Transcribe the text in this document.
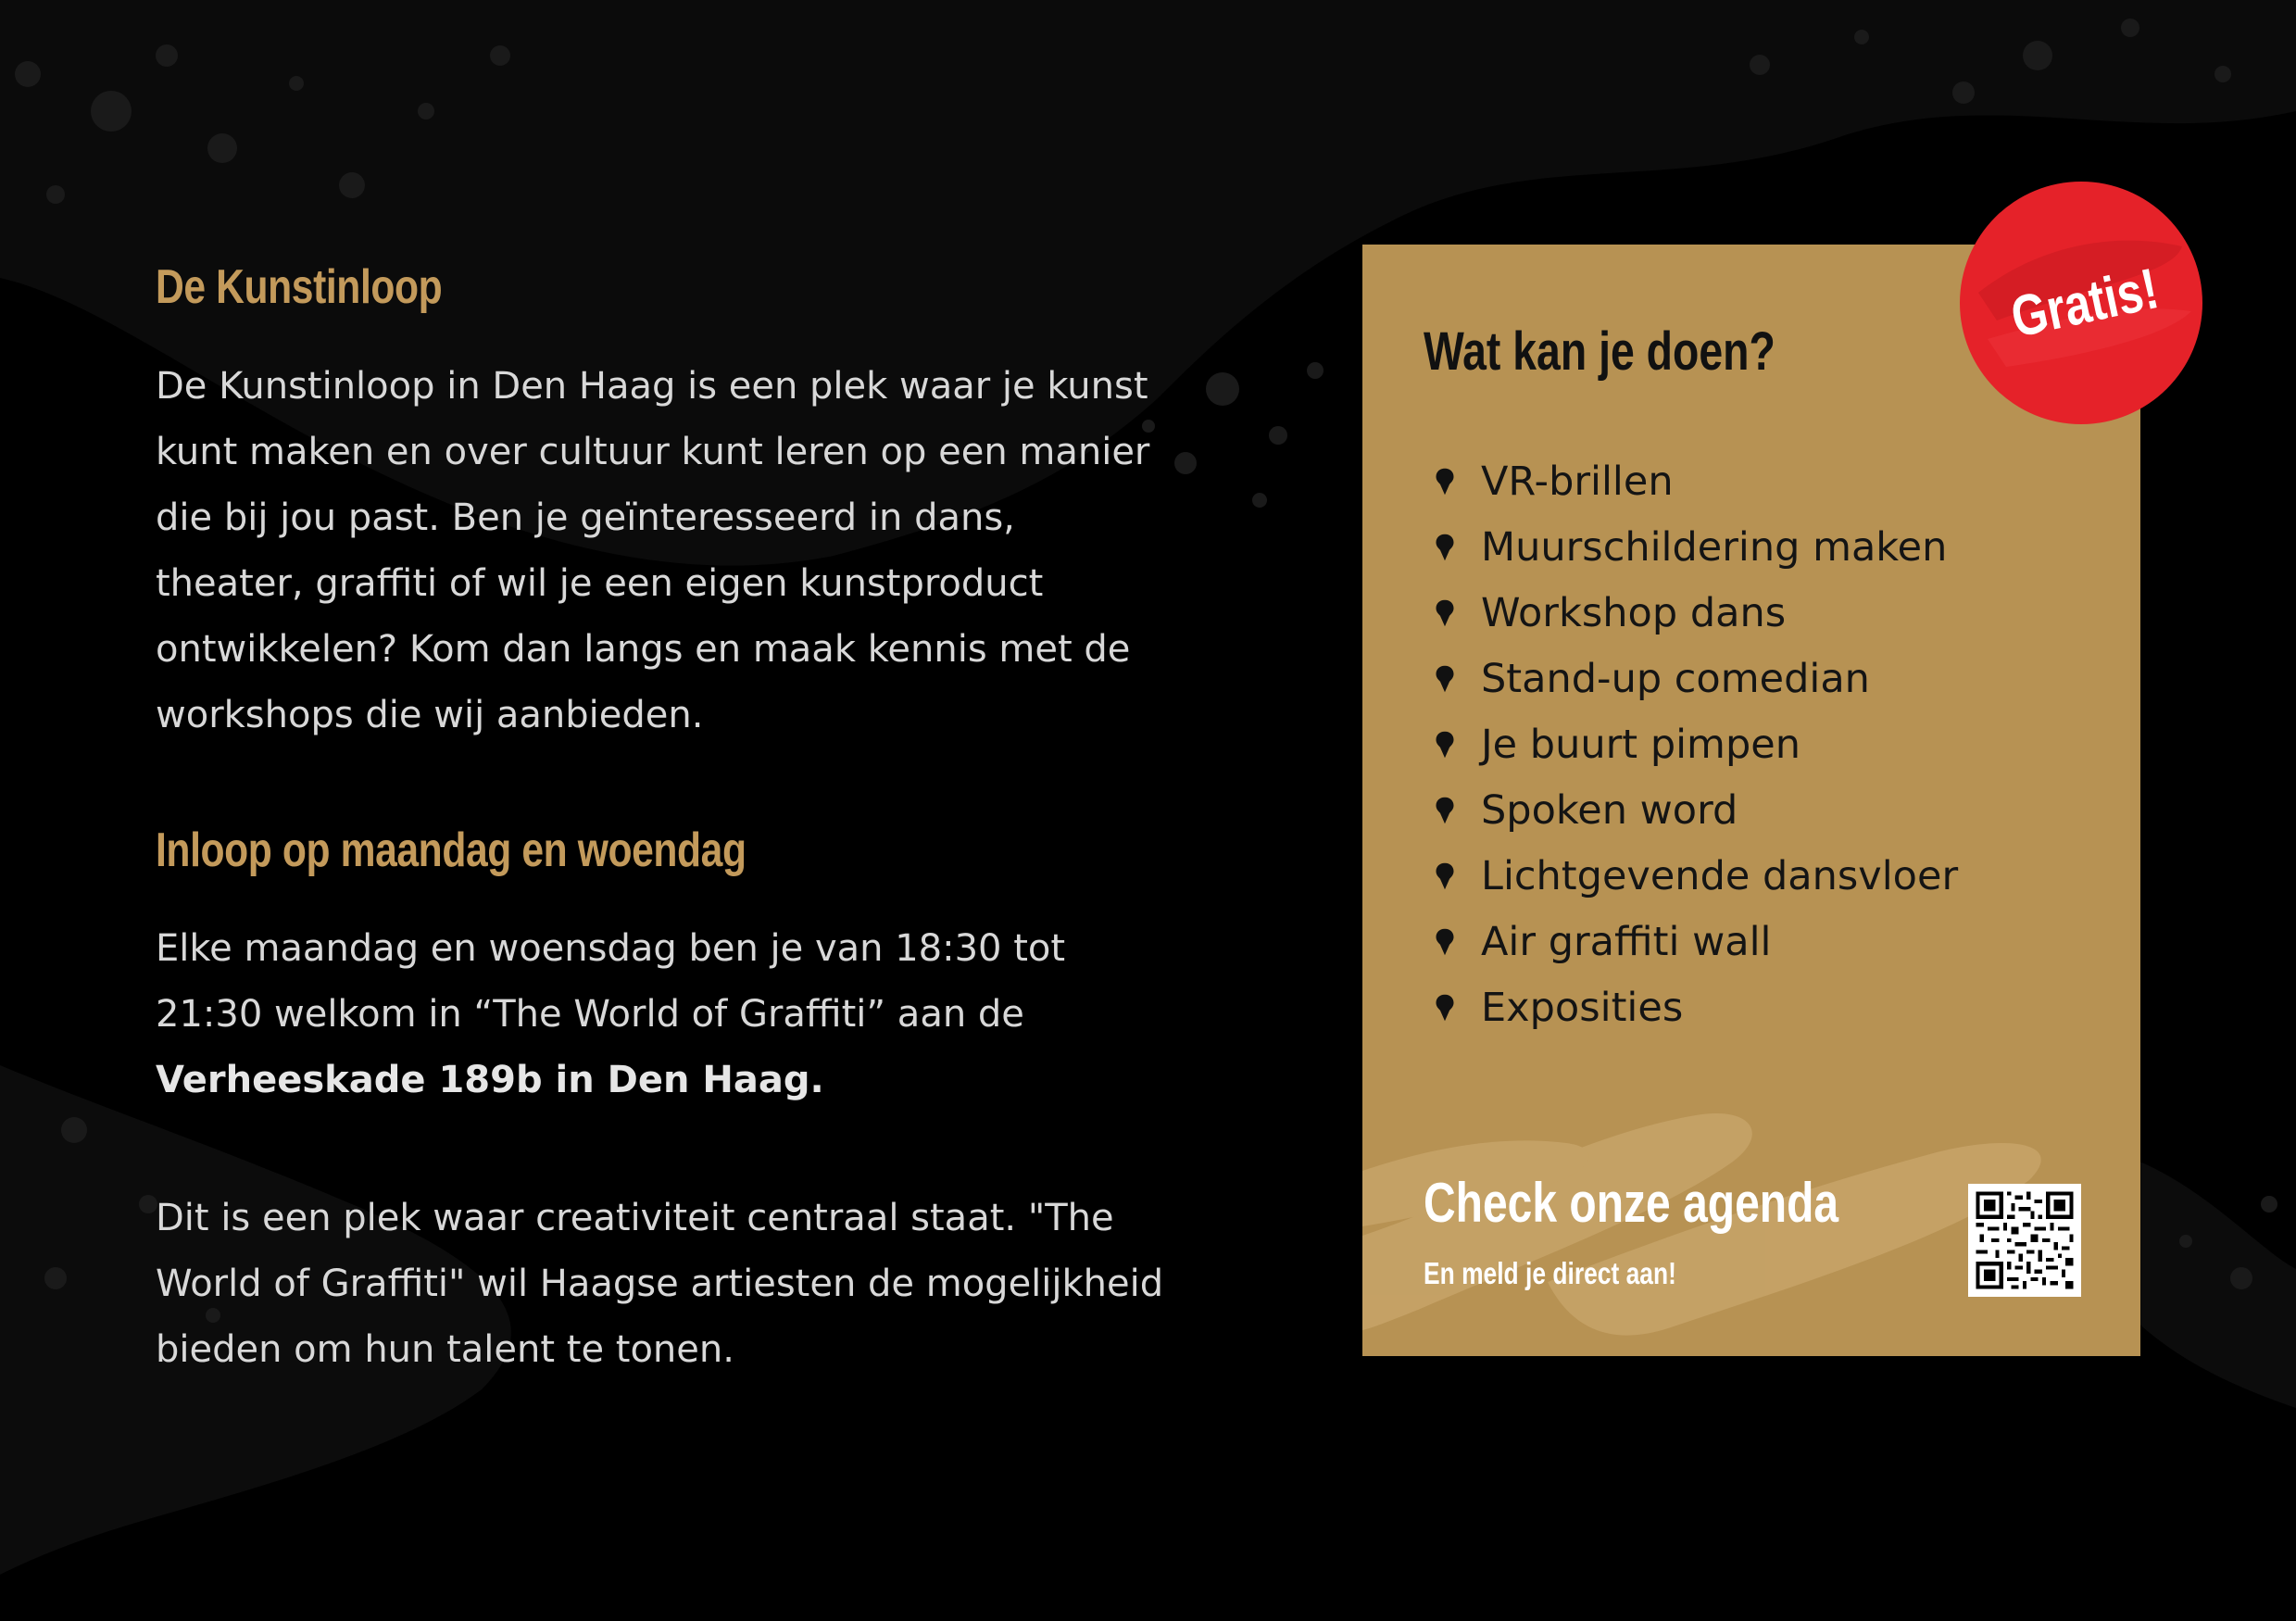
De Kunstinloop

De Kunstinloop in Den Haag is een plek waar je kunst kunt maken en over cultuur kunt leren op een manier die bij jou past. Ben je geïnteresseerd in dans, theater, graffiti of wil je een eigen kunstproduct ontwikkelen? Kom dan langs en maak kennis met de workshops die wij aanbieden.

Inloop op maandag en woendag

Elke maandag en woensdag ben je van 18:30 tot 21:30 welkom in “The World of Graffiti” aan de
Verheeskade 189b in Den Haag.

Dit is een plek waar creativiteit centraal staat. "The World of Graffiti" wil Haagse artiesten de mogelijkheid bieden om hun talent te tonen.

Wat kan je doen?
VR-brillen
Muurschildering maken
Workshop dans
Stand-up comedian
Je buurt pimpen
Spoken word
Lichtgevende dansvloer
Air graffiti wall
Exposities
Check onze agenda

En meld je direct aan!

Gratis!
